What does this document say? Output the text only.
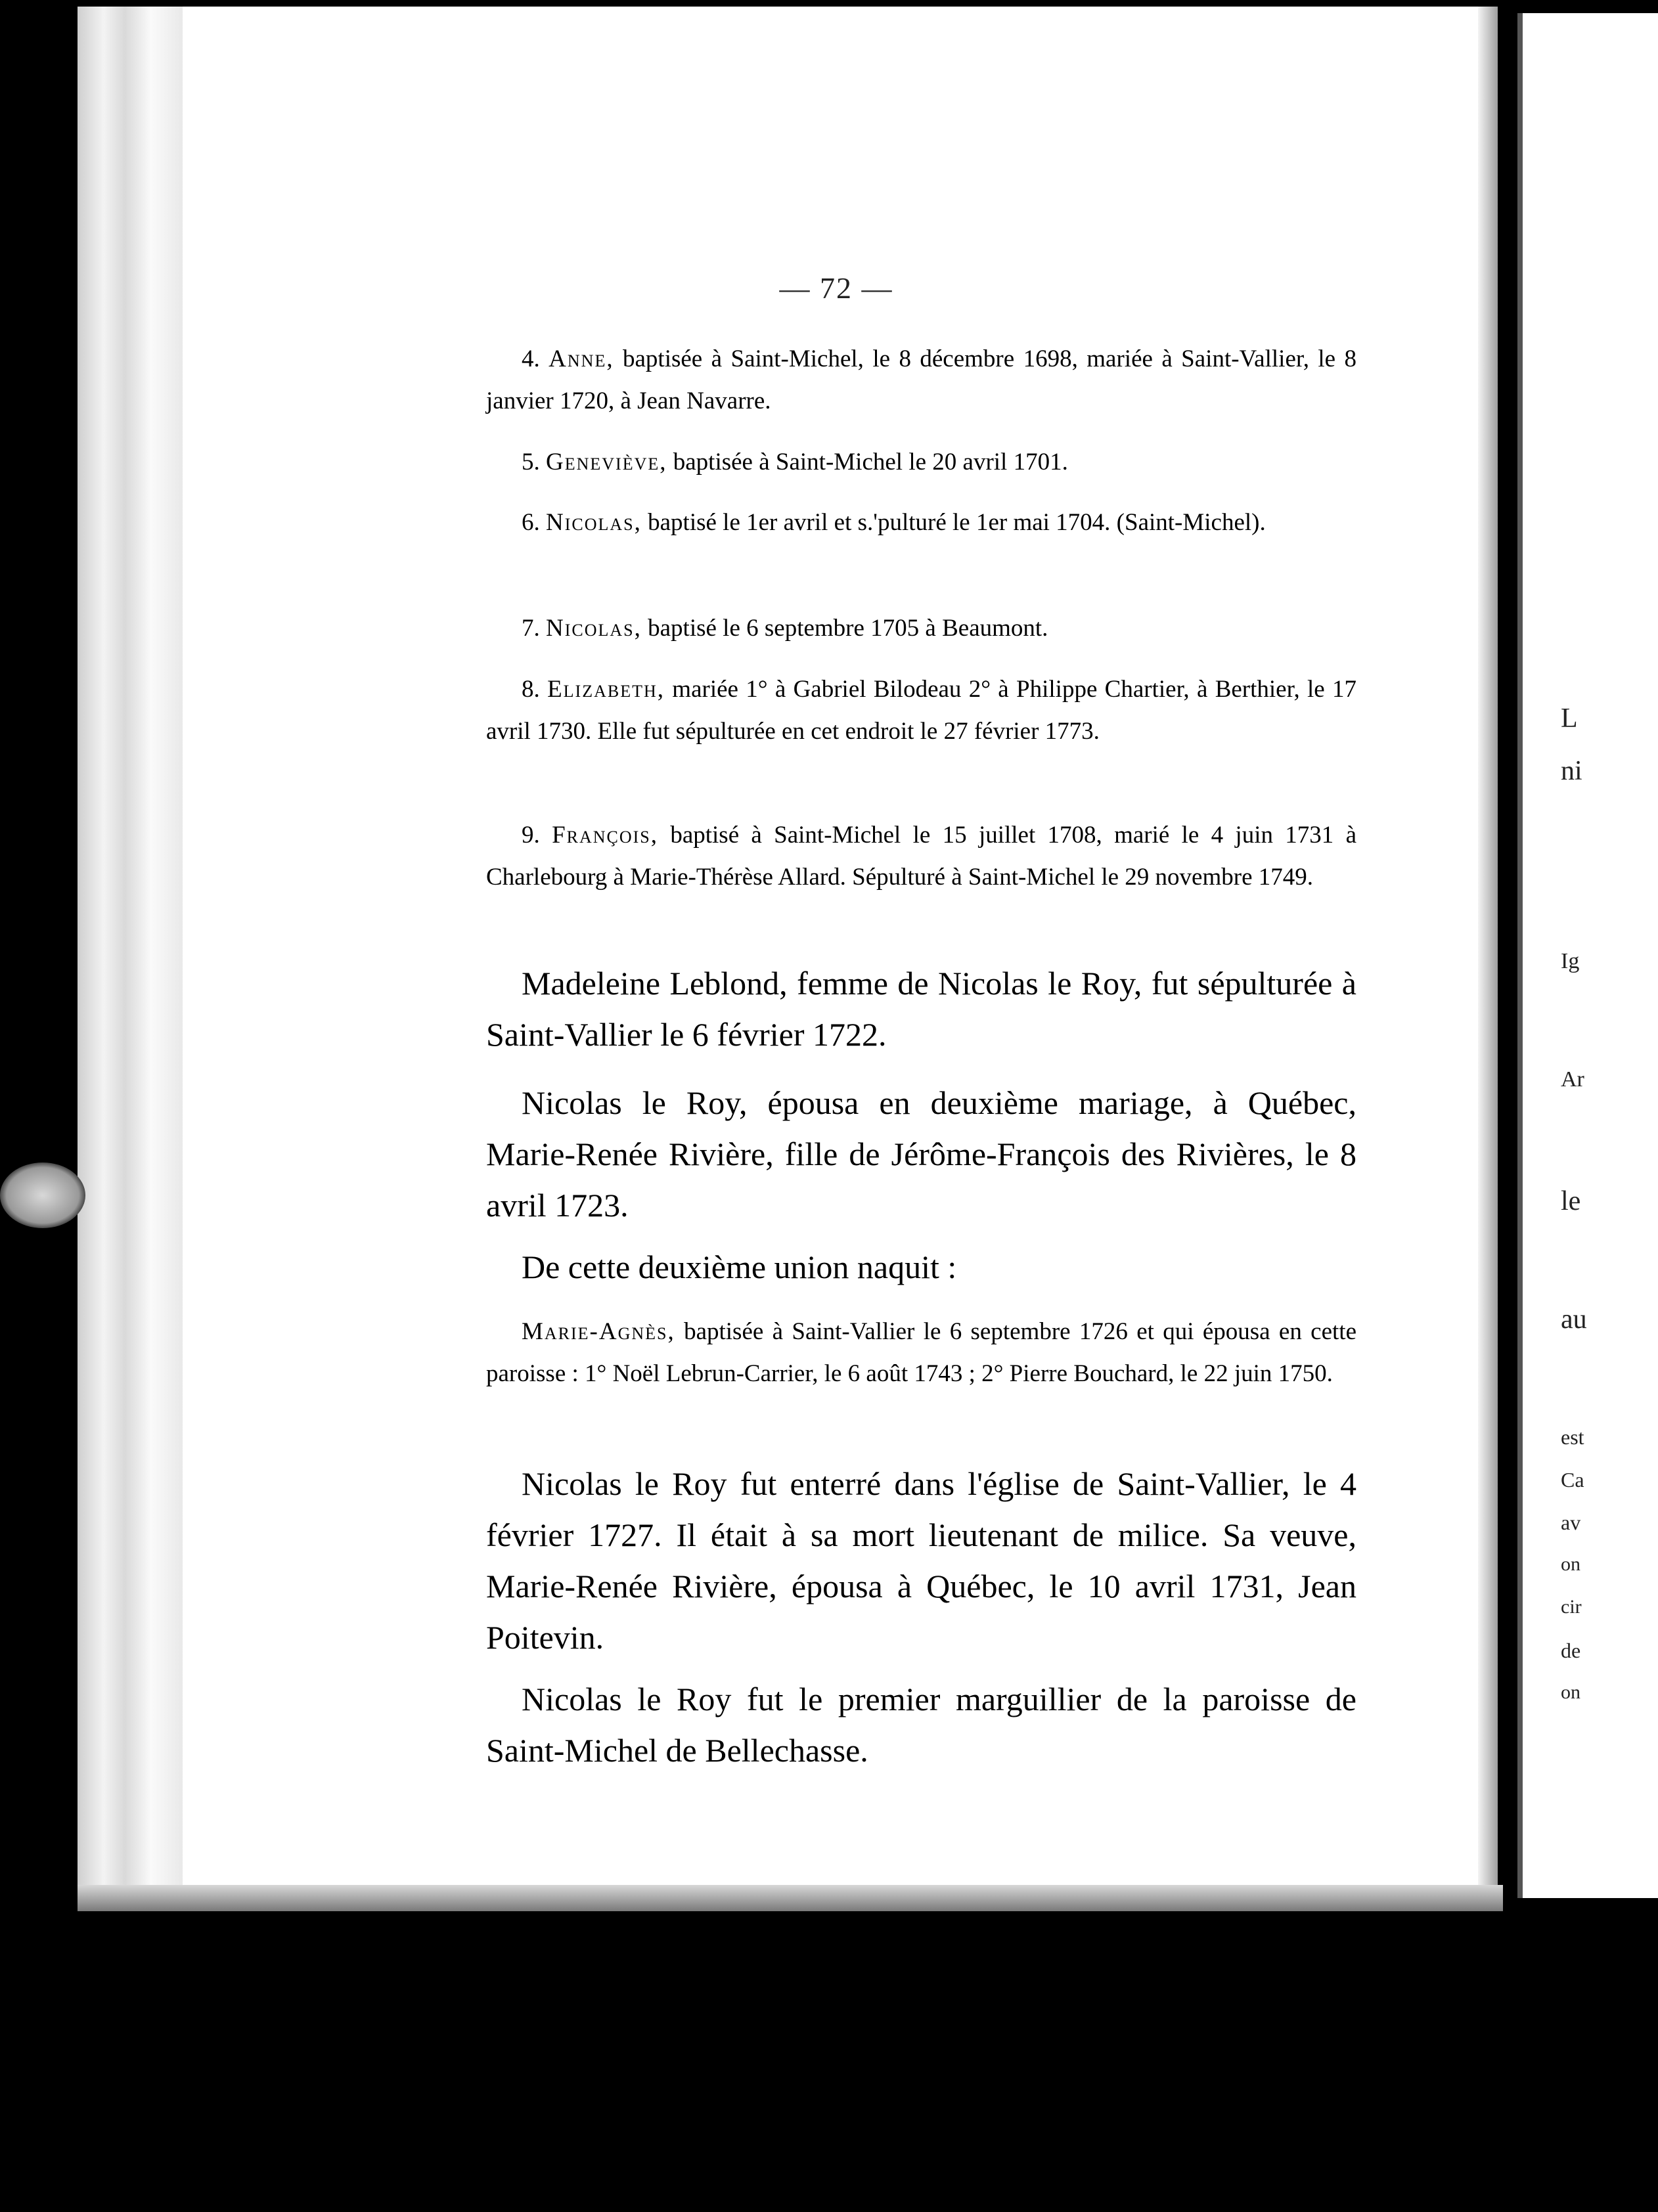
L
ni
Ig
Ar
le
au
est
Ca
av
on
cir
de
on
— 72 —

4. Anne, baptisée à Saint-Michel, le 8 décembre 1698, mariée à Saint-Vallier, le 8 janvier 1720, à Jean Navarre.

5. Geneviève, baptisée à Saint-Michel le 20 avril 1701.

6. Nicolas, baptisé le 1er avril et s.'pulturé le 1er mai 1704. (Saint-Michel).

7. Nicolas, baptisé le 6 septembre 1705 à Beaumont.

8. Elizabeth, mariée 1° à Gabriel Bilodeau 2° à Philippe Chartier, à Berthier, le 17 avril 1730. Elle fut sépulturée en cet endroit le 27 février 1773.

9. François, baptisé à Saint-Michel le 15 juillet 1708, marié le 4 juin 1731 à Charlebourg à Marie-Thérèse Allard. Sépulturé à Saint-Michel le 29 novembre 1749.

Madeleine Leblond, femme de Nicolas le Roy, fut sépulturée à Saint-Vallier le 6 février 1722.

Nicolas le Roy, épousa en deuxième mariage, à Québec, Marie-Renée Rivière, fille de Jérôme-François des Rivières, le 8 avril 1723.

De cette deuxième union naquit :

Marie-Agnès, baptisée à Saint-Vallier le 6 septembre 1726 et qui épousa en cette paroisse : 1° Noël Lebrun-Carrier, le 6 août 1743 ; 2° Pierre Bouchard, le 22 juin 1750.

Nicolas le Roy fut enterré dans l'église de Saint-Vallier, le 4 février 1727. Il était à sa mort lieutenant de milice. Sa veuve, Marie-Renée Rivière, épousa à Québec, le 10 avril 1731, Jean Poitevin.

Nicolas le Roy fut le premier marguillier de la paroisse de Saint-Michel de Bellechasse.
